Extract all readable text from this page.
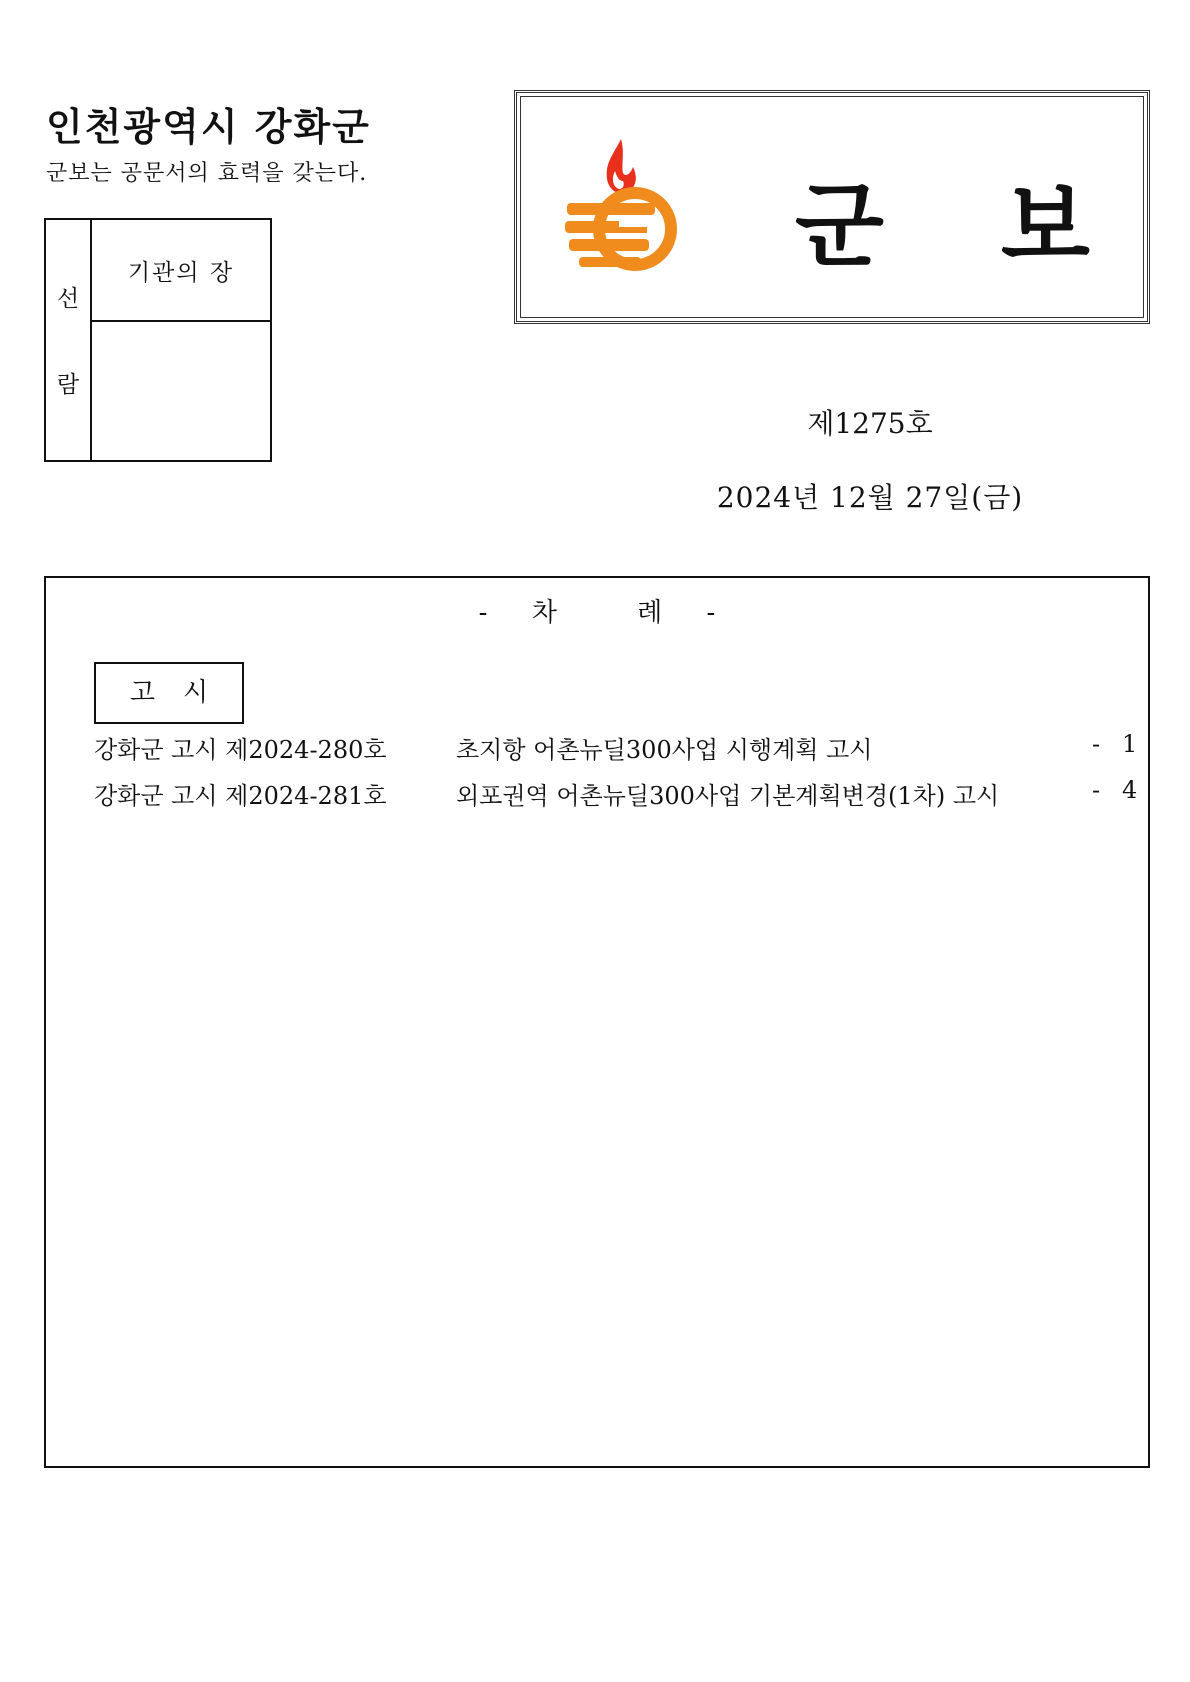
인천광역시 강화군
군보는 공문서의 효력을 갖는다.
선
람
기관의 장	군 보
제1275호
2024년 12월 27일(금)
- 차	례 -
고시
강화군 고시 제2024-280호	초지항 어촌뉴딜300사업 시행계획 고시	- 1
강화군 고시 제2024-281호	외포권역 어촌뉴딜300사업 기본계획변경(1차) 고시	- 4
